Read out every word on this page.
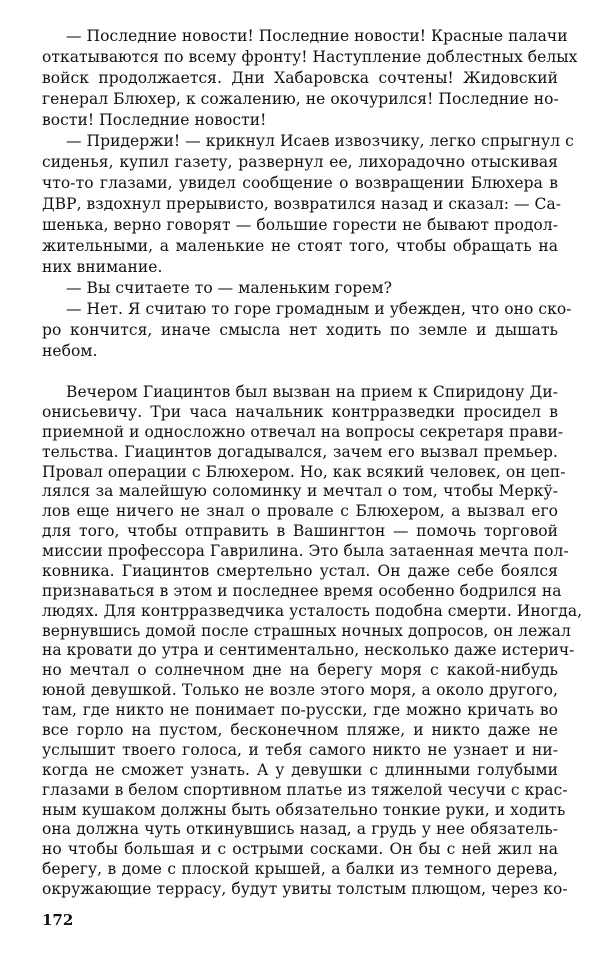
— Последние новости! Последние новости! Красные палачи
откатываются по всему фронту! Наступление доблестных белых
войск продолжается. Дни Хабаровска сочтены! Жидовский
генерал Блюхер, к сожалению, не окочурился! Последние но-
вости! Последние новости!
— Придержи! — крикнул Исаев извозчику, легко спрыгнул с
сиденья, купил газету, развернул ее, лихорадочно отыскивая
что-то глазами, увидел сообщение о возвращении Блюхера в
ДВР, вздохнул прерывисто, возвратился назад и сказал: — Са-
шенька, верно говорят — большие горести не бывают продол-
жительными, а маленькие не стоят того, чтобы обращать на
них внимание.
— Вы считаете то — маленьким горем?
— Нет. Я считаю то горе громадным и убежден, что оно ско-
ро кончится, иначе смысла нет ходить по земле и дышать
небом.
Вечером Гиацинтов был вызван на прием к Спиридону Ди-
онисьевичу. Три часа начальник контрразведки просидел в
приемной и односложно отвечал на вопросы секретаря прави-
тельства. Гиацинтов догадывался, зачем его вызвал премьер.
Провал операции с Блюхером. Но, как всякий человек, он цеп-
лялся за малейшую соломинку и мечтал о том, чтобы Меркў-
лов еще ничего не знал о провале с Блюхером, а вызвал его
для того, чтобы отправить в Вашингтон — помочь торговой
миссии профессора Гаврилина. Это была затаенная мечта пол-
ковника. Гиацинтов смертельно устал. Он даже себе боялся
признаваться в этом и последнее время особенно бодрился на
людях. Для контрразведчика усталость подобна смерти. Иногда,
вернувшись домой после страшных ночных допросов, он лежал
на кровати до утра и сентиментально, несколько даже истерич-
но мечтал о солнечном дне на берегу моря с какой-нибудь
юной девушкой. Только не возле этого моря, а около другого,
там, где никто не понимает по-русски, где можно кричать во
все горло на пустом, бесконечном пляже, и никто даже не
услышит твоего голоса, и тебя самого никто не узнает и ни-
когда не сможет узнать. А у девушки с длинными голубыми
глазами в белом спортивном платье из тяжелой чесучи с крас-
ным кушаком должны быть обязательно тонкие руки, и ходить
она должна чуть откинувшись назад, а грудь у нее обязатель-
но чтобы большая и с острыми сосками. Он бы с ней жил на
берегу, в доме с плоской крышей, а балки из темного дерева,
окружающие террасу, будут увиты толстым плющом, через ко-
172
